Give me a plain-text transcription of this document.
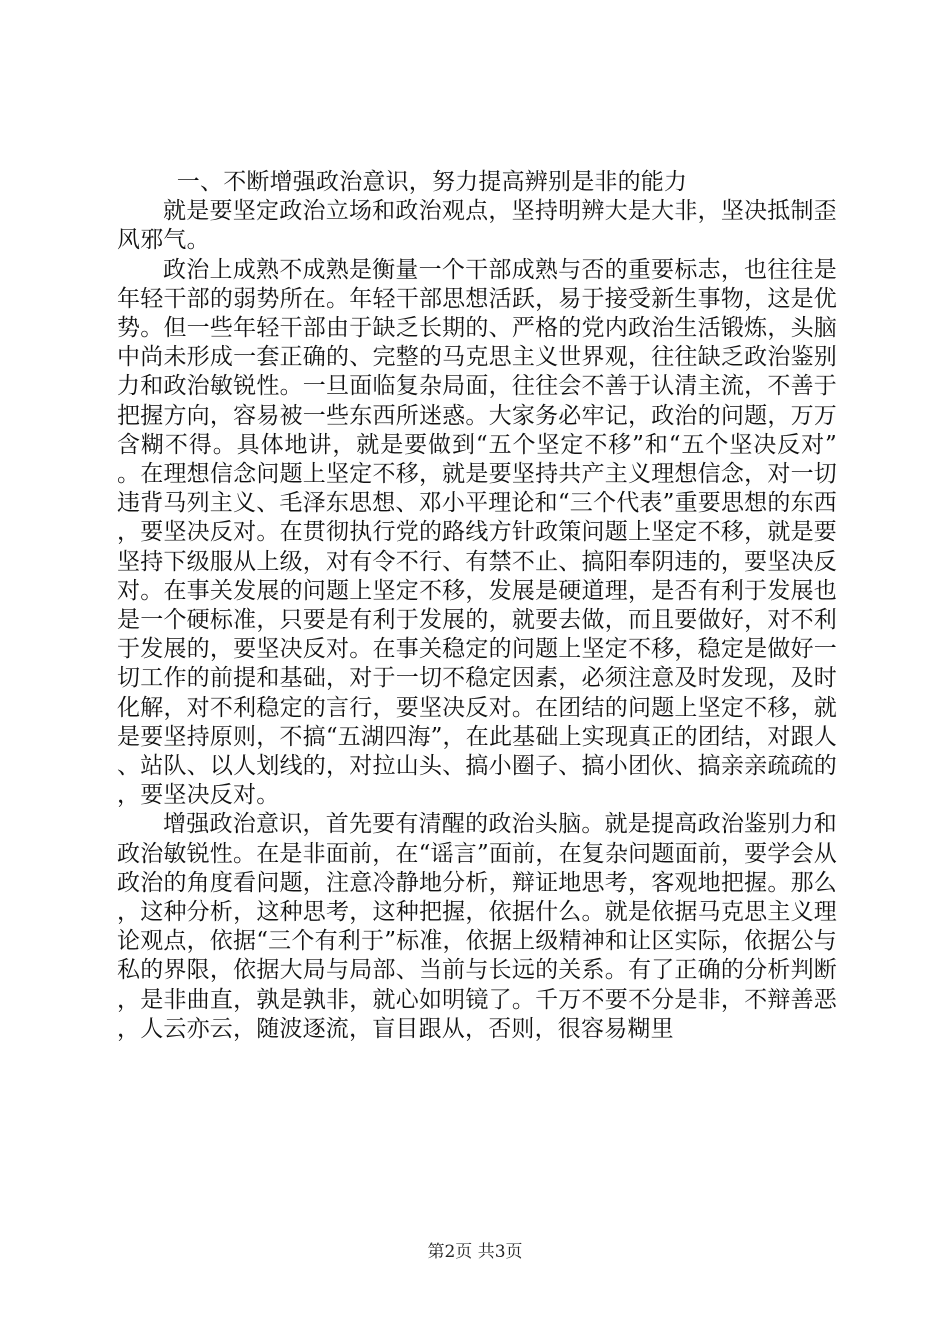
一、不断增强政治意识，努力提高辨别是非的能力

就是要坚定政治立场和政治观点，坚持明辨大是大非，坚决抵制歪风邪气。

政治上成熟不成熟是衡量一个干部成熟与否的重要标志，也往往是年轻干部的弱势所在。年轻干部思想活跃，易于接受新生事物，这是优势。但一些年轻干部由于缺乏长期的、严格的党内政治生活锻炼，头脑中尚未形成一套正确的、完整的马克思主义世界观，往往缺乏政治鉴别力和政治敏锐性。一旦面临复杂局面，往往会不善于认清主流，不善于把握方向，容易被一些东西所迷惑。大家务必牢记，政治的问题，万万含糊不得。具体地讲，就是要做到“五个坚定不移”和“五个坚决反对”。在理想信念问题上坚定不移，就是要坚持共产主义理想信念，对一切违背马列主义、毛泽东思想、邓小平理论和“三个代表”重要思想的东西，要坚决反对。在贯彻执行党的路线方针政策问题上坚定不移，就是要坚持下级服从上级，对有令不行、有禁不止、搞阳奉阴违的，要坚决反对。在事关发展的问题上坚定不移，发展是硬道理，是否有利于发展也是一个硬标准，只要是有利于发展的，就要去做，而且要做好，对不利于发展的，要坚决反对。在事关稳定的问题上坚定不移，稳定是做好一切工作的前提和基础，对于一切不稳定因素，必须注意及时发现，及时化解，对不利稳定的言行，要坚决反对。在团结的问题上坚定不移，就是要坚持原则，不搞“五湖四海”，在此基础上实现真正的团结，对跟人、站队、以人划线的，对拉山头、搞小圈子、搞小团伙、搞亲亲疏疏的，要坚决反对。

增强政治意识，首先要有清醒的政治头脑。就是提高政治鉴别力和政治敏锐性。在是非面前，在“谣言”面前，在复杂问题面前，要学会从政治的角度看问题，注意冷静地分析，辩证地思考，客观地把握。那么，这种分析，这种思考，这种把握，依据什么。就是依据马克思主义理论观点，依据“三个有利于”标准，依据上级精神和让区实际，依据公与私的界限，依据大局与局部、当前与长远的关系。有了正确的分析判断，是非曲直，孰是孰非，就心如明镜了。千万不要不分是非，不辩善恶，人云亦云，随波逐流，盲目跟从，否则，很容易糊里

第2页 共3页
